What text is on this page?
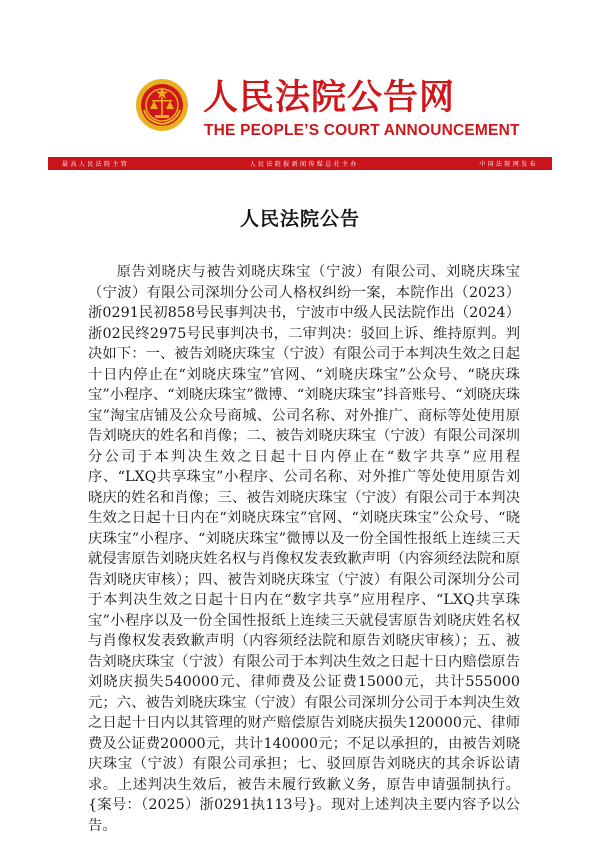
人民法院公告网
THE PEOPLE’S COURT ANNOUNCEMENT
最高人民法院主管	人民法院报新闻传媒总社主办	中国法院网发布
人民法院公告

原告刘晓庆与被告刘晓庆珠宝（宁波）有限公司、刘晓庆珠宝（宁波）有限公司深圳分公司人格权纠纷一案，本院作出（2023）浙0291民初858号民事判决书，宁波市中级人民法院作出（2024）浙02民终2975号民事判决书，二审判决：驳回上诉、维持原判。判决如下：一、被告刘晓庆珠宝（宁波）有限公司于本判决生效之日起十日内停止在“刘晓庆珠宝”官网、“刘晓庆珠宝”公众号、“晓庆珠宝”小程序、“刘晓庆珠宝”微博、“刘晓庆珠宝”抖音账号、“刘晓庆珠宝”淘宝店铺及公众号商城、公司名称、对外推广、商标等处使用原告刘晓庆的姓名和肖像；二、被告刘晓庆珠宝（宁波）有限公司深圳分公司于本判决生效之日起十日内停止在“数字共享”应用程序、“LXQ共享珠宝”小程序、公司名称、对外推广等处使用原告刘晓庆的姓名和肖像；三、被告刘晓庆珠宝（宁波）有限公司于本判决生效之日起十日内在“刘晓庆珠宝”官网、“刘晓庆珠宝”公众号、“晓庆珠宝”小程序、“刘晓庆珠宝”微博以及一份全国性报纸上连续三天就侵害原告刘晓庆姓名权与肖像权发表致歉声明（内容须经法院和原告刘晓庆审核）；四、被告刘晓庆珠宝（宁波）有限公司深圳分公司于本判决生效之日起十日内在“数字共享”应用程序、“LXQ共享珠宝”小程序以及一份全国性报纸上连续三天就侵害原告刘晓庆姓名权与肖像权发表致歉声明（内容须经法院和原告刘晓庆审核）；五、被告刘晓庆珠宝（宁波）有限公司于本判决生效之日起十日内赔偿原告刘晓庆损失540000元、律师费及公证费15000元，共计555000元；六、被告刘晓庆珠宝（宁波）有限公司深圳分公司于本判决生效之日起十日内以其管理的财产赔偿原告刘晓庆损失120000元、律师费及公证费20000元，共计140000元；不足以承担的，由被告刘晓庆珠宝（宁波）有限公司承担；七、驳回原告刘晓庆的其余诉讼请求。上述判决生效后，被告未履行致歉义务，原告申请强制执行。{案号：（2025）浙0291执113号}。现对上述判决主要内容予以公告。
